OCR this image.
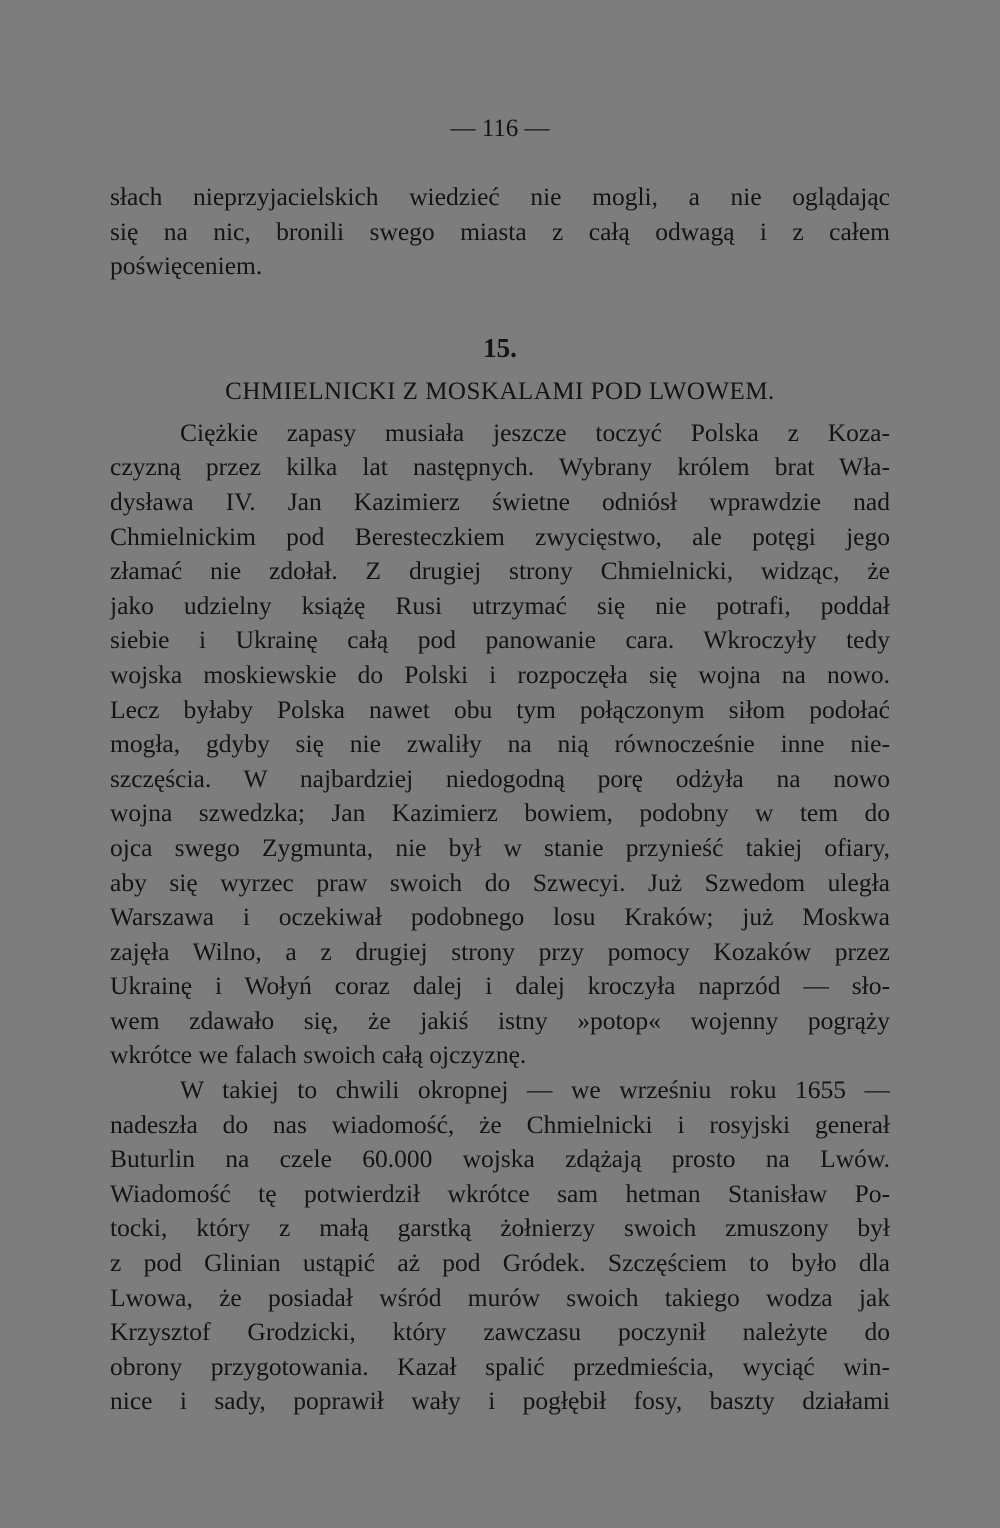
— 116 —
słach nieprzyjacielskich wiedzieć nie mogli, a nie oglądając
się na nic, bronili swego miasta z całą odwagą i z całem
poświęceniem.
15.
CHMIELNICKI Z MOSKALAMI POD LWOWEM.
Ciężkie zapasy musiała jeszcze toczyć Polska z Koza-
czyzną przez kilka lat następnych. Wybrany królem brat Wła-
dysława IV. Jan Kazimierz świetne odniósł wprawdzie nad
Chmielnickim pod Beresteczkiem zwycięstwo, ale potęgi jego
złamać nie zdołał. Z drugiej strony Chmielnicki, widząc, że
jako udzielny książę Rusi utrzymać się nie potrafi, poddał
siebie i Ukrainę całą pod panowanie cara. Wkroczyły tedy
wojska moskiewskie do Polski i rozpoczęła się wojna na nowo.
Lecz byłaby Polska nawet obu tym połączonym siłom podołać
mogła, gdyby się nie zwaliły na nią równocześnie inne nie-
szczęścia. W najbardziej niedogodną porę odżyła na nowo
wojna szwedzka; Jan Kazimierz bowiem, podobny w tem do
ojca swego Zygmunta, nie był w stanie przynieść takiej ofiary,
aby się wyrzec praw swoich do Szwecyi. Już Szwedom uległa
Warszawa i oczekiwał podobnego losu Kraków; już Moskwa
zajęła Wilno, a z drugiej strony przy pomocy Kozaków przez
Ukrainę i Wołyń coraz dalej i dalej kroczyła naprzód — sło-
wem zdawało się, że jakiś istny »potop« wojenny pogrąży
wkrótce we falach swoich całą ojczyznę.
W takiej to chwili okropnej — we wrześniu roku 1655 —
nadeszła do nas wiadomość, że Chmielnicki i rosyjski generał
Buturlin na czele 60.000 wojska zdążają prosto na Lwów.
Wiadomość tę potwierdził wkrótce sam hetman Stanisław Po-
tocki, który z małą garstką żołnierzy swoich zmuszony był
z pod Glinian ustąpić aż pod Gródek. Szczęściem to było dla
Lwowa, że posiadał wśród murów swoich takiego wodza jak
Krzysztof Grodzicki, który zawczasu poczynił należyte do
obrony przygotowania. Kazał spalić przedmieścia, wyciąć win-
nice i sady, poprawił wały i pogłębił fosy, baszty działami
